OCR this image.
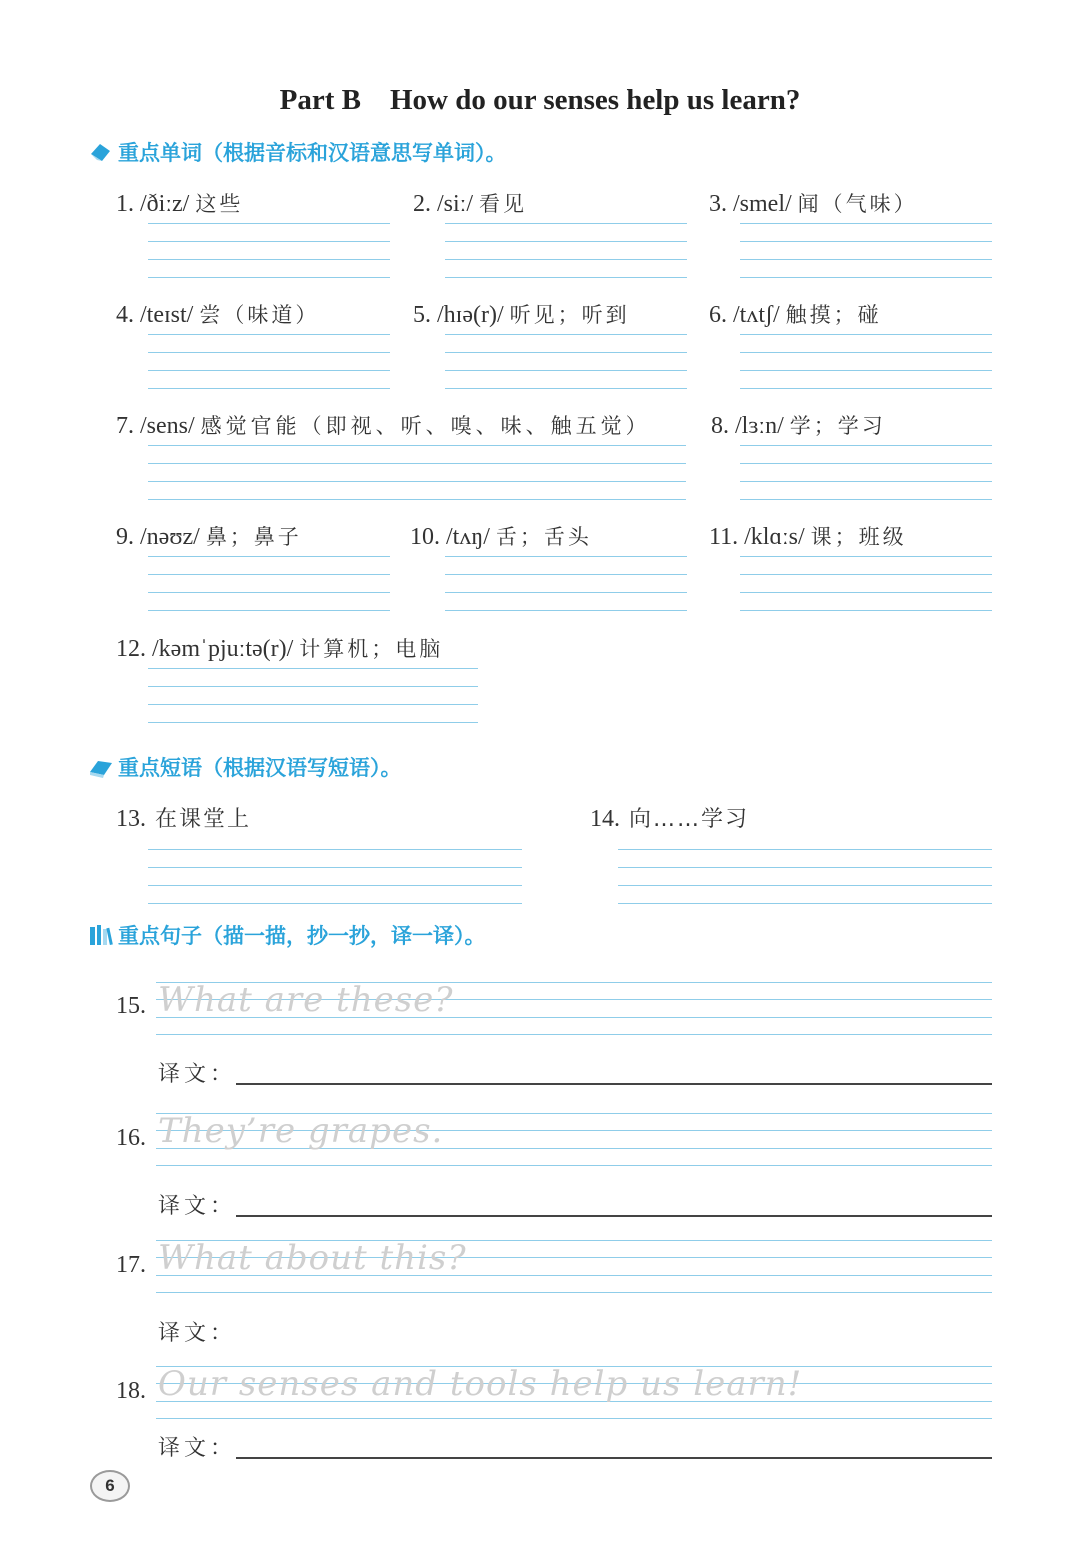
Part B    How do our senses help us learn?
重点单词（根据音标和汉语意思写单词）。
1. /ðiːz/ 这些	2. /siː/ 看见	3. /smel/ 闻（气味）
4. /teɪst/ 尝（味道）	5. /hɪə(r)/ 听见；听到	6. /tʌtʃ/ 触摸；碰
7. /sens/ 感觉官能（即视、听、嗅、味、触五觉）	8. /lɜːn/ 学；学习
9. /nəʊz/ 鼻；鼻子	10. /tʌŋ/ 舌；舌头	11. /klɑːs/ 课；班级
12. /kəmˈpjuːtə(r)/ 计算机；电脑
重点短语（根据汉语写短语）。
13. 在课堂上	14. 向……学习
重点句子（描一描，抄一抄，译一译）。
15. What are these?
译文：
16. They’re grapes.
译文：
17. What about this?
译文：
18. Our senses and tools help us learn!
译文：
6
